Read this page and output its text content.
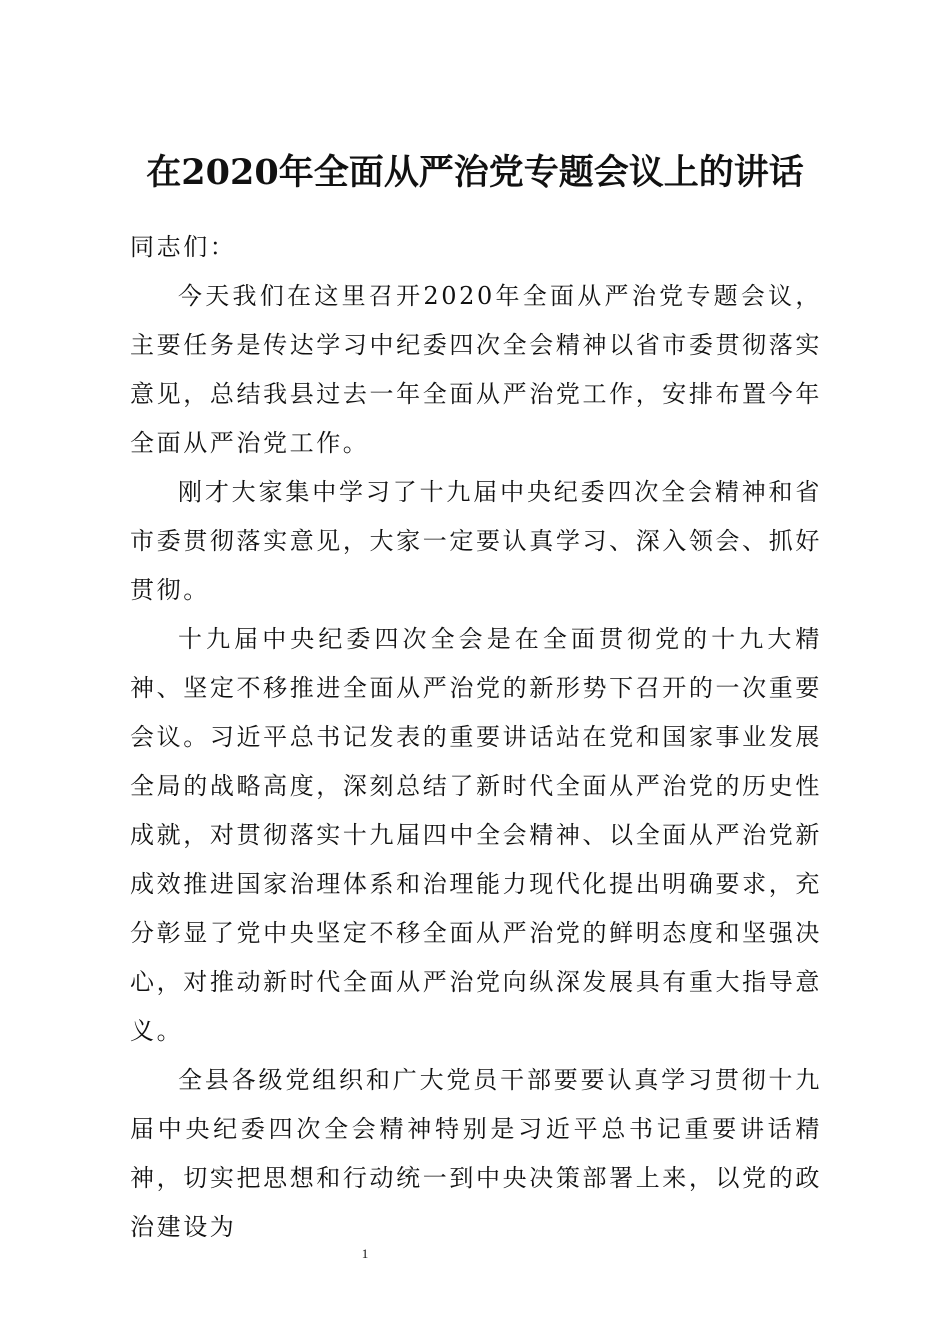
在2020年全面从严治党专题会议上的讲话

同志们：

今天我们在这里召开2020年全面从严治党专题会议，主要任务是传达学习中纪委四次全会精神以省市委贯彻落实意见，总结我县过去一年全面从严治党工作，安排布置今年全面从严治党工作。

刚才大家集中学习了十九届中央纪委四次全会精神和省市委贯彻落实意见，大家一定要认真学习、深入领会、抓好贯彻。

十九届中央纪委四次全会是在全面贯彻党的十九大精神、坚定不移推进全面从严治党的新形势下召开的一次重要会议。习近平总书记发表的重要讲话站在党和国家事业发展全局的战略高度，深刻总结了新时代全面从严治党的历史性成就，对贯彻落实十九届四中全会精神、以全面从严治党新成效推进国家治理体系和治理能力现代化提出明确要求，充分彰显了党中央坚定不移全面从严治党的鲜明态度和坚强决心，对推动新时代全面从严治党向纵深发展具有重大指导意义。

全县各级党组织和广大党员干部要要认真学习贯彻十九届中央纪委四次全会精神特别是习近平总书记重要讲话精神，切实把思想和行动统一到中央决策部署上来，以党的政治建设为

1
